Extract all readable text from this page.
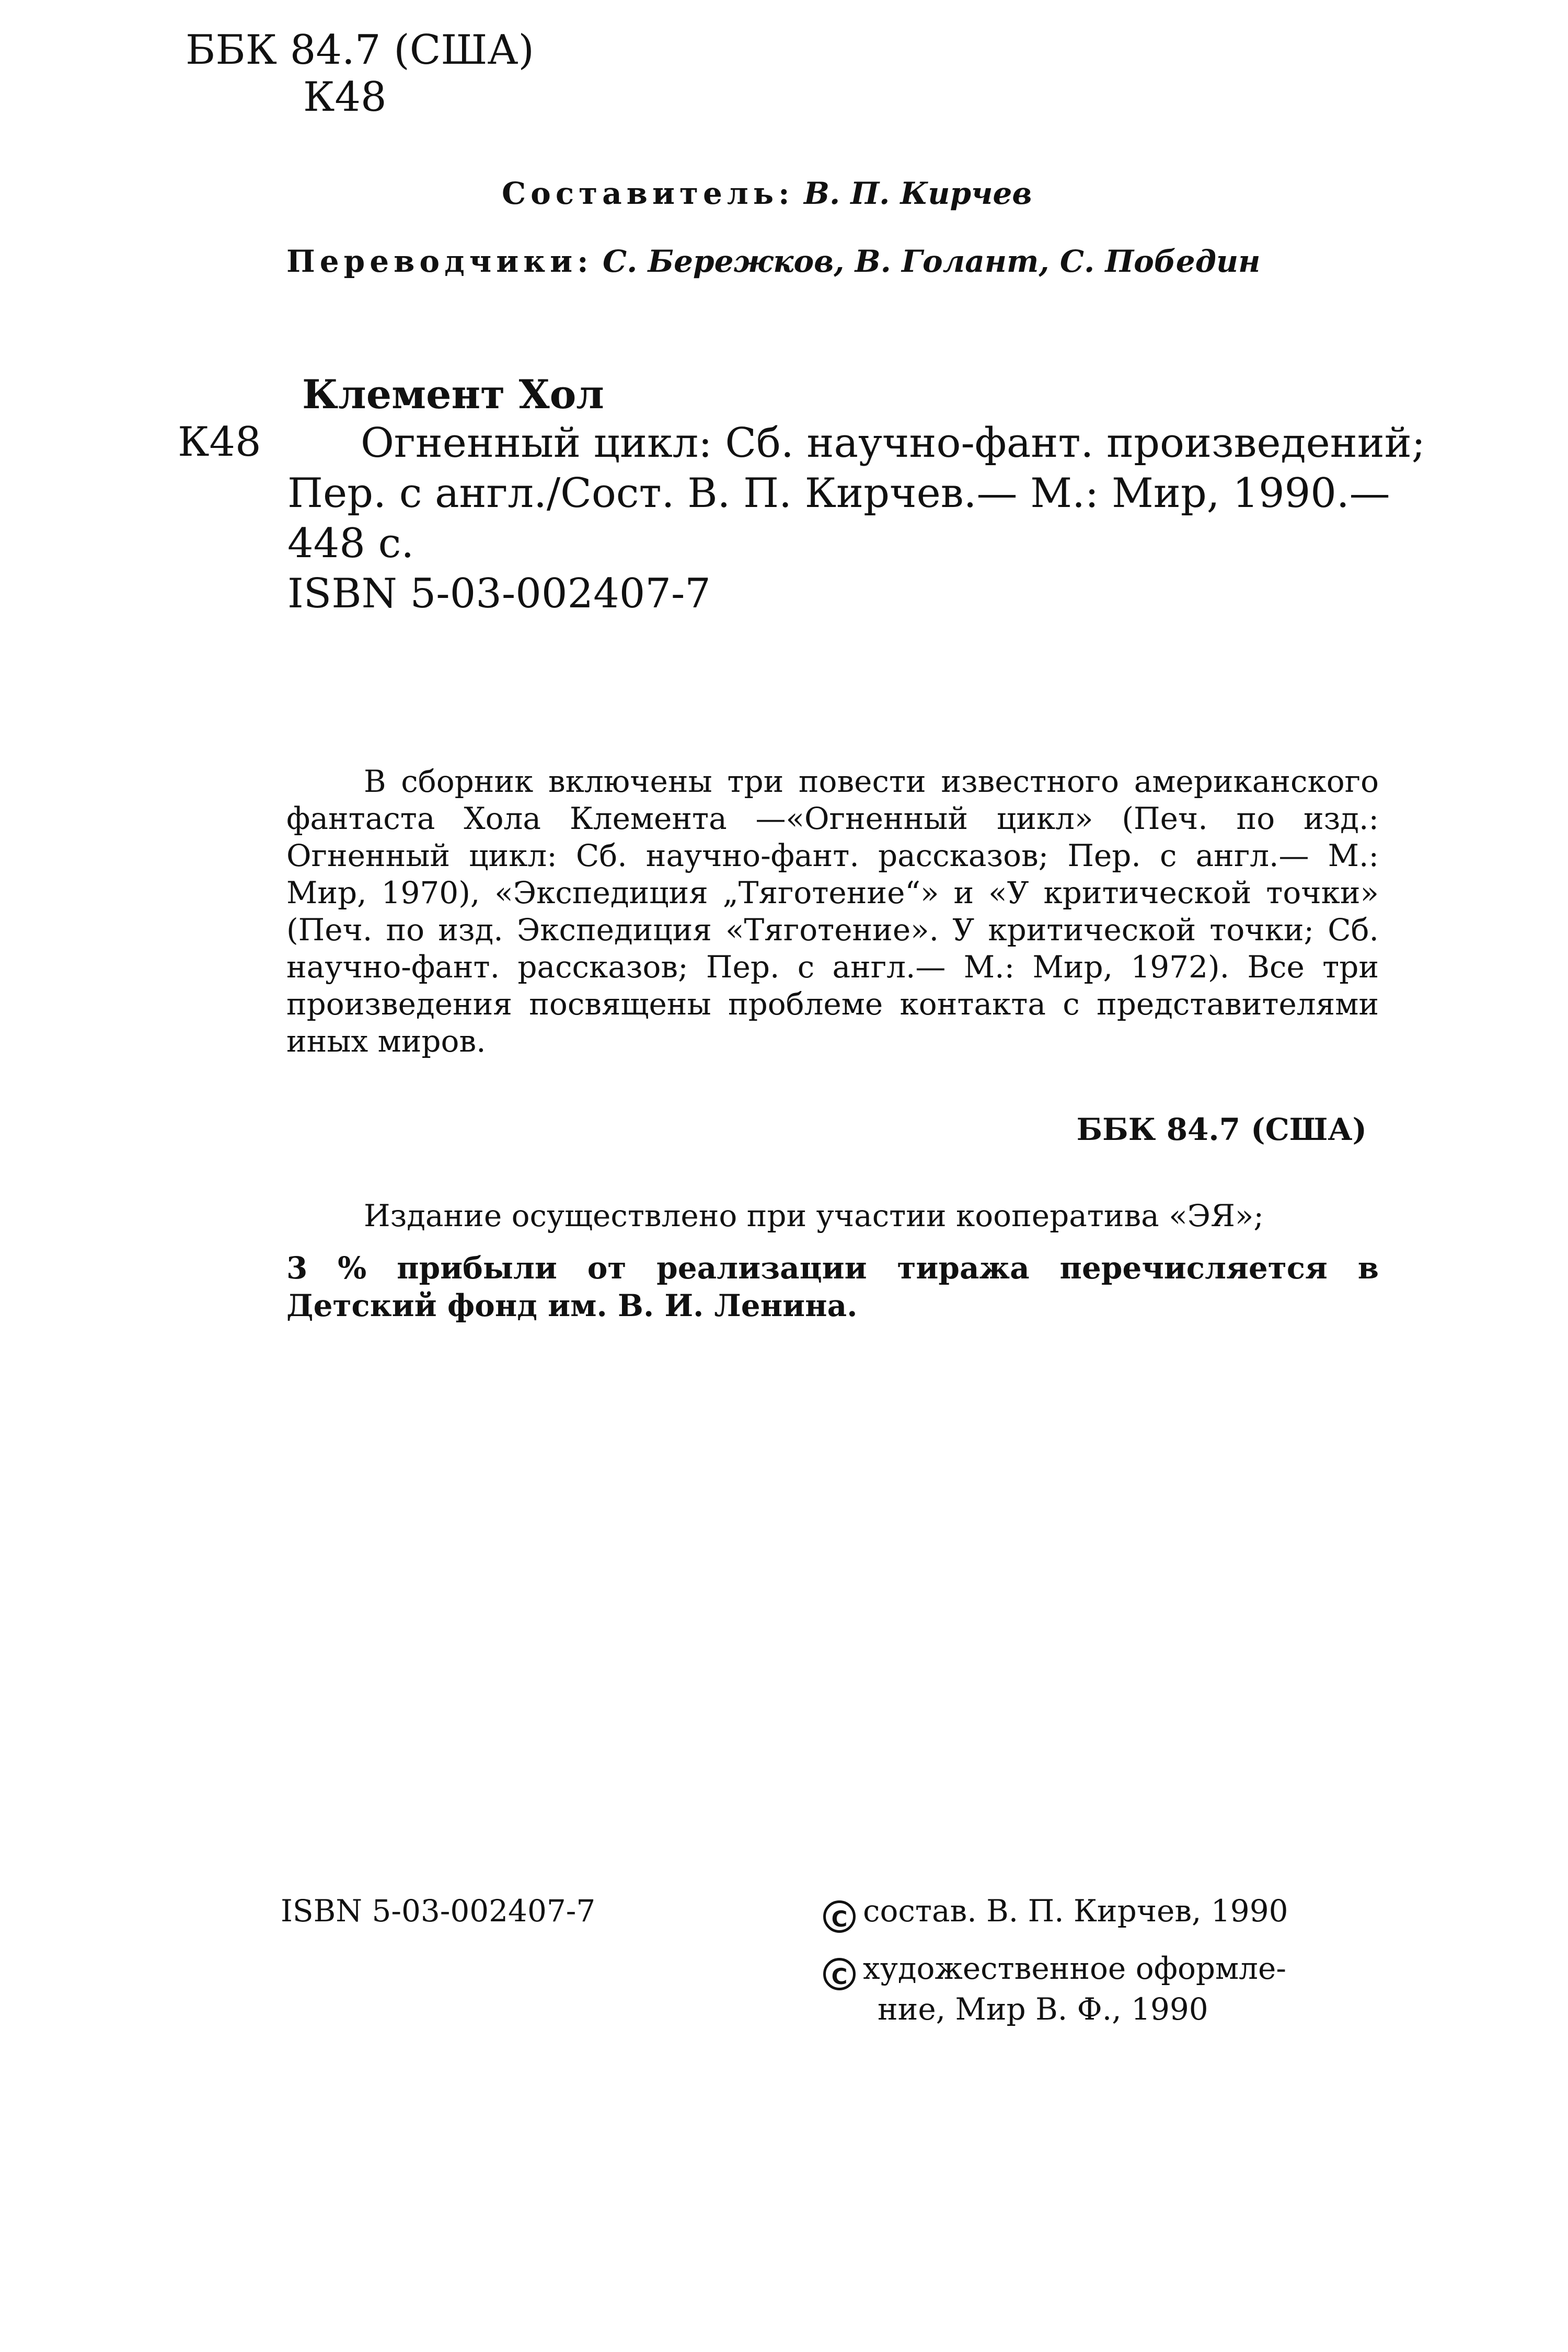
ББК 84.7 (США)
К48
Составитель: В. П. Кирчев
Переводчики: С. Бережков, В. Голант, С. Победин
Клемент Хол
К48	Огненный цикл: Сб. научно-фант. произведений;
Пер. с англ./Сост. В. П. Кирчев.— М.: Мир, 1990.—
448 с.
ISBN 5-03-002407-7
В сборник включены три повести известного американского фантаста Хола Клемента —«Огненный цикл» (Печ. по изд.: Огненный цикл: Сб. научно-фант. рассказов; Пер. с англ.— М.: Мир, 1970), «Экспедиция „Тяготение“» и «У критической точки» (Печ. по изд. Экспедиция «Тяготение». У критической точки; Сб. научно-фант. рассказов; Пер. с англ.— М.: Мир, 1972). Все три произведения посвящены проблеме контакта с представителями иных миров.
ББК 84.7 (США)
Издание осуществлено при участии кооператива «ЭЯ»;
3 % прибыли от реализации тиража перечисляется в Детский фонд им. В. И. Ленина.
ISBN 5-03-002407-7	C состав. В. П. Кирчев, 1990
C художественное оформле-
ние, Мир В. Ф., 1990
